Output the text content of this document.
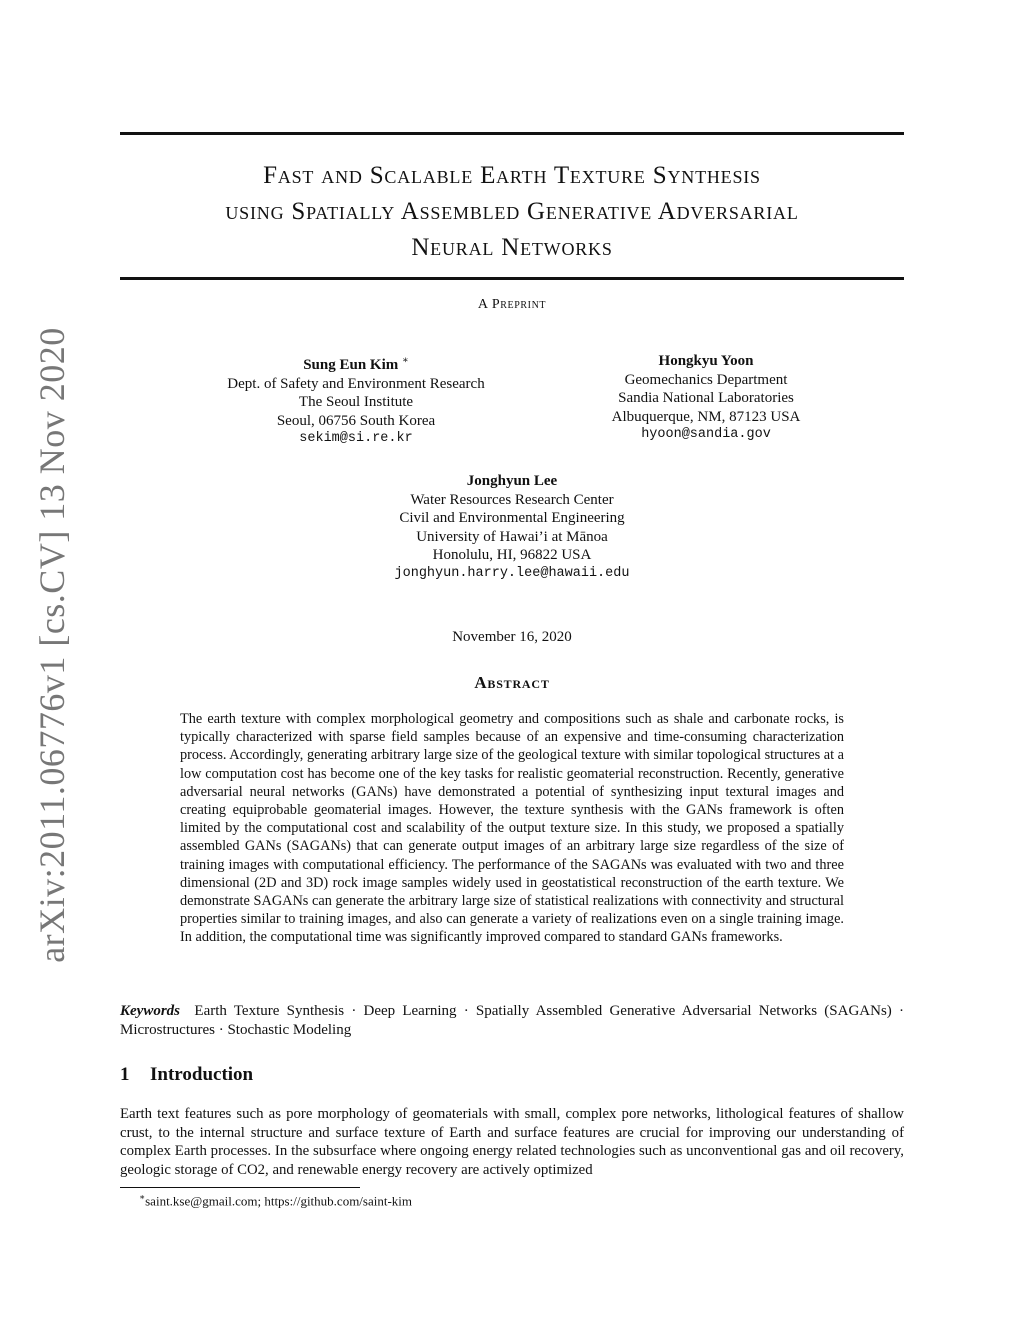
arXiv:2011.06776v1 [cs.CV] 13 Nov 2020
Fast and Scalable Earth Texture Synthesis
using Spatially Assembled Generative Adversarial
Neural Networks
A Preprint
Sung Eun Kim ∗
Dept. of Safety and Environment Research
The Seoul Institute
Seoul, 06756 South Korea
sekim@si.re.kr
Hongkyu Yoon
Geomechanics Department
Sandia National Laboratories
Albuquerque, NM, 87123 USA
hyoon@sandia.gov
Jonghyun Lee
Water Resources Research Center
Civil and Environmental Engineering
University of Hawai’i at Mānoa
Honolulu, HI, 96822 USA
jonghyun.harry.lee@hawaii.edu
November 16, 2020
Abstract
The earth texture with complex morphological geometry and compositions such as shale and carbonate rocks, is typically characterized with sparse field samples because of an expensive and time-consuming characterization process. Accordingly, generating arbitrary large size of the geological texture with similar topological structures at a low computation cost has become one of the key tasks for realistic geomaterial reconstruction. Recently, generative adversarial neural networks (GANs) have demonstrated a potential of synthesizing input textural images and creating equiprobable geomaterial images. However, the texture synthesis with the GANs framework is often limited by the computational cost and scalability of the output texture size. In this study, we proposed a spatially assembled GANs (SAGANs) that can generate output images of an arbitrary large size regardless of the size of training images with computational efficiency. The performance of the SAGANs was evaluated with two and three dimensional (2D and 3D) rock image samples widely used in geostatistical reconstruction of the earth texture. We demonstrate SAGANs can generate the arbitrary large size of statistical realizations with connectivity and structural properties similar to training images, and also can generate a variety of realizations even on a single training image. In addition, the computational time was significantly improved compared to standard GANs frameworks.
Keywords Earth Texture Synthesis · Deep Learning · Spatially Assembled Generative Adversarial Networks (SAGANs) · Microstructures · Stochastic Modeling
1 Introduction
Earth text features such as pore morphology of geomaterials with small, complex pore networks, lithological features of shallow crust, to the internal structure and surface texture of Earth and surface features are crucial for improving our understanding of complex Earth processes. In the subsurface where ongoing energy related technologies such as unconventional gas and oil recovery, geologic storage of CO2, and renewable energy recovery are actively optimized
∗saint.kse@gmail.com; https://github.com/saint-kim
